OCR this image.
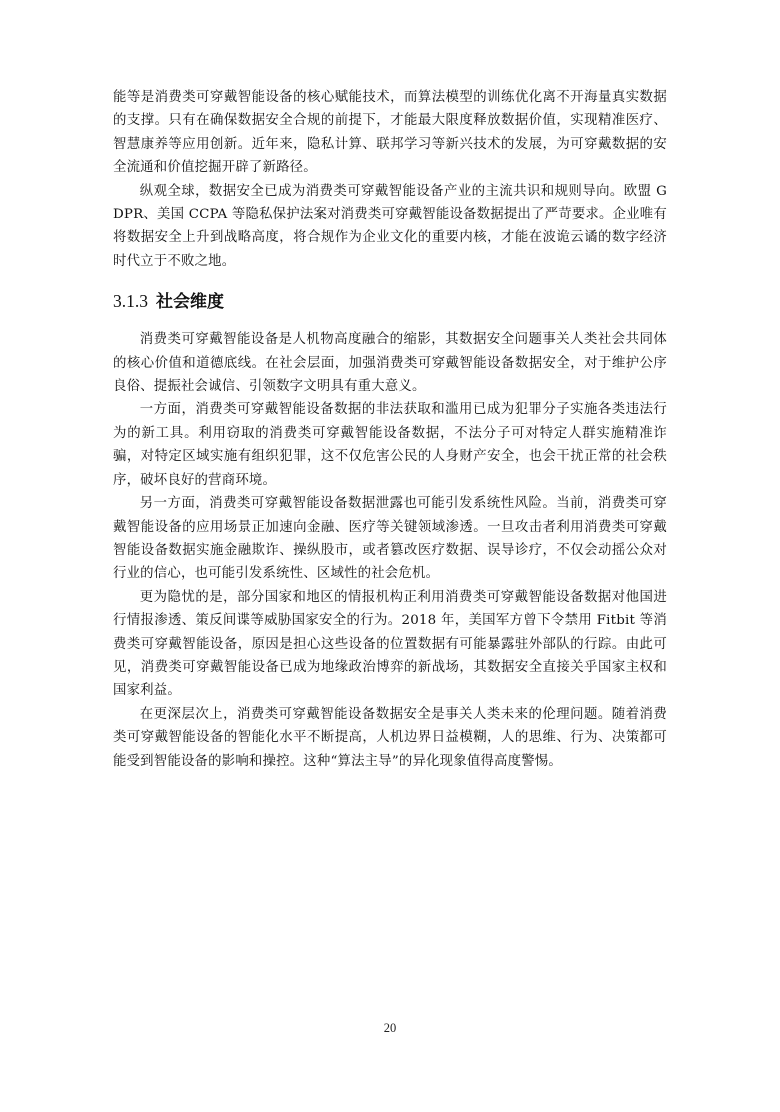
能等是消费类可穿戴智能设备的核心赋能技术，而算法模型的训练优化离不开海量真实数据的支撑。只有在确保数据安全合规的前提下，才能最大限度释放数据价值，实现精准医疗、智慧康养等应用创新。近年来，隐私计算、联邦学习等新兴技术的发展，为可穿戴数据的安全流通和价值挖掘开辟了新路径。

纵观全球，数据安全已成为消费类可穿戴智能设备产业的主流共识和规则导向。欧盟 GDPR、美国 CCPA 等隐私保护法案对消费类可穿戴智能设备数据提出了严苛要求。企业唯有将数据安全上升到战略高度，将合规作为企业文化的重要内核，才能在波诡云谲的数字经济时代立于不败之地。

3.1.3 社会维度

消费类可穿戴智能设备是人机物高度融合的缩影，其数据安全问题事关人类社会共同体的核心价值和道德底线。在社会层面，加强消费类可穿戴智能设备数据安全，对于维护公序良俗、提振社会诚信、引领数字文明具有重大意义。

一方面，消费类可穿戴智能设备数据的非法获取和滥用已成为犯罪分子实施各类违法行为的新工具。利用窃取的消费类可穿戴智能设备数据，不法分子可对特定人群实施精准诈骗，对特定区域实施有组织犯罪，这不仅危害公民的人身财产安全，也会干扰正常的社会秩序，破坏良好的营商环境。

另一方面，消费类可穿戴智能设备数据泄露也可能引发系统性风险。当前，消费类可穿戴智能设备的应用场景正加速向金融、医疗等关键领域渗透。一旦攻击者利用消费类可穿戴智能设备数据实施金融欺诈、操纵股市，或者篡改医疗数据、误导诊疗，不仅会动摇公众对行业的信心，也可能引发系统性、区域性的社会危机。

更为隐忧的是，部分国家和地区的情报机构正利用消费类可穿戴智能设备数据对他国进行情报渗透、策反间谍等威胁国家安全的行为。2018 年，美国军方曾下令禁用 Fitbit 等消费类可穿戴智能设备，原因是担心这些设备的位置数据有可能暴露驻外部队的行踪。由此可见，消费类可穿戴智能设备已成为地缘政治博弈的新战场，其数据安全直接关乎国家主权和国家利益。

在更深层次上，消费类可穿戴智能设备数据安全是事关人类未来的伦理问题。随着消费类可穿戴智能设备的智能化水平不断提高，人机边界日益模糊，人的思维、行为、决策都可能受到智能设备的影响和操控。这种“算法主导”的异化现象值得高度警惕。

20
